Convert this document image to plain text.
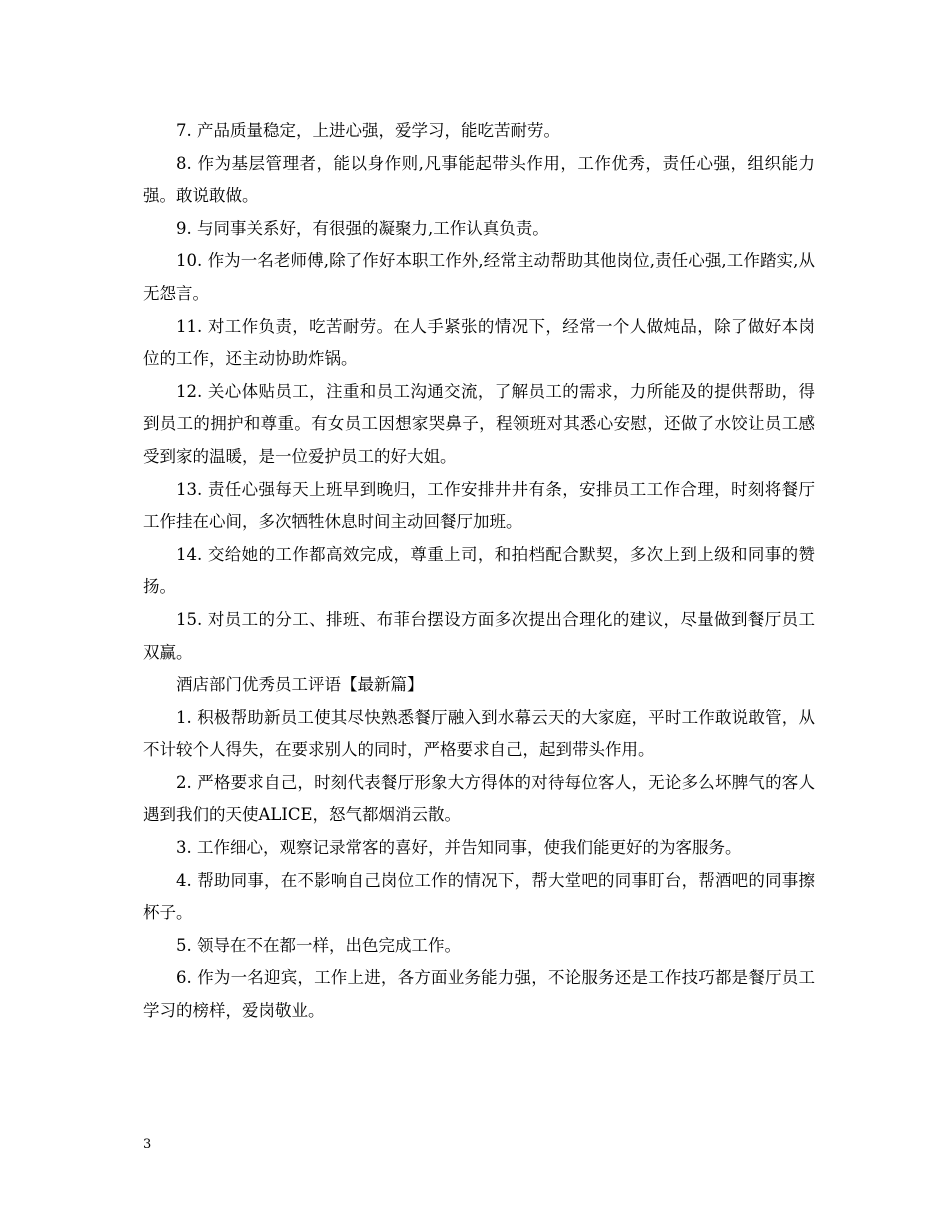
7. 产品质量稳定，上进心强，爱学习，能吃苦耐劳。

8. 作为基层管理者，能以身作则,凡事能起带头作用，工作优秀，责任心强，组织能力强。敢说敢做。

9. 与同事关系好，有很强的凝聚力,工作认真负责。

10. 作为一名老师傅,除了作好本职工作外,经常主动帮助其他岗位,责任心强,工作踏实,从无怨言。

11. 对工作负责，吃苦耐劳。在人手紧张的情况下，经常一个人做炖品，除了做好本岗位的工作，还主动协助炸锅。

12. 关心体贴员工，注重和员工沟通交流，了解员工的需求，力所能及的提供帮助，得到员工的拥护和尊重。有女员工因想家哭鼻子，程领班对其悉心安慰，还做了水饺让员工感受到家的温暖，是一位爱护员工的好大姐。

13. 责任心强每天上班早到晚归，工作安排井井有条，安排员工工作合理，时刻将餐厅工作挂在心间，多次牺牲休息时间主动回餐厅加班。

14. 交给她的工作都高效完成，尊重上司，和拍档配合默契，多次上到上级和同事的赞扬。

15. 对员工的分工、排班、布菲台摆设方面多次提出合理化的建议，尽量做到餐厅员工双赢。

酒店部门优秀员工评语【最新篇】

1. 积极帮助新员工使其尽快熟悉餐厅融入到水幕云天的大家庭，平时工作敢说敢管，从不计较个人得失，在要求别人的同时，严格要求自己，起到带头作用。

2. 严格要求自己，时刻代表餐厅形象大方得体的对待每位客人，无论多么坏脾气的客人遇到我们的天使ALICE，怒气都烟消云散。

3. 工作细心，观察记录常客的喜好，并告知同事，使我们能更好的为客服务。

4. 帮助同事，在不影响自己岗位工作的情况下，帮大堂吧的同事盯台，帮酒吧的同事擦杯子。

5. 领导在不在都一样，出色完成工作。

6. 作为一名迎宾，工作上进，各方面业务能力强，不论服务还是工作技巧都是餐厅员工学习的榜样，爱岗敬业。

3
